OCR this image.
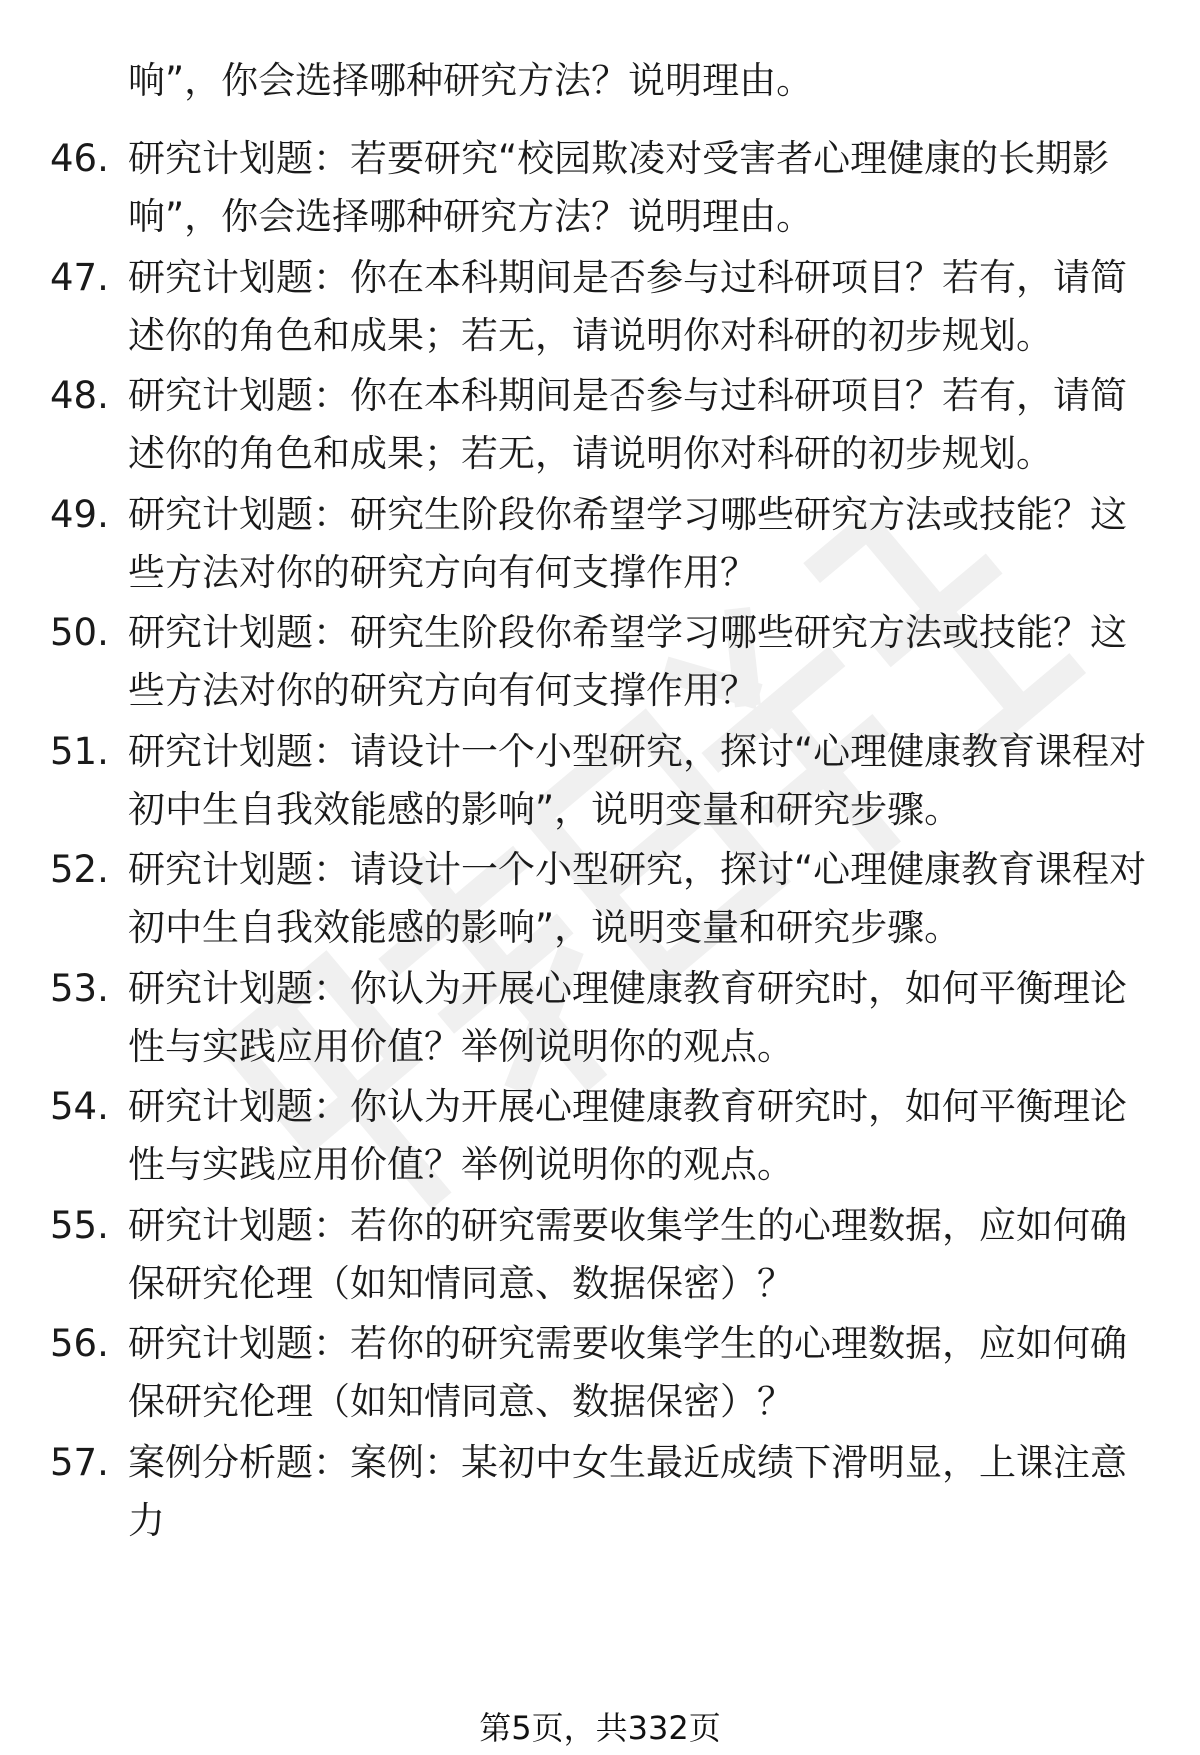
响”，你会选择哪种研究方法？说明理由。

46. 研究计划题：若要研究“校园欺凌对受害者心理健康的长期影响”，你会选择哪种研究方法？说明理由。

47. 研究计划题：你在本科期间是否参与过科研项目？若有，请简述你的角色和成果；若无，请说明你对科研的初步规划。

48. 研究计划题：你在本科期间是否参与过科研项目？若有，请简述你的角色和成果；若无，请说明你对科研的初步规划。

49. 研究计划题：研究生阶段你希望学习哪些研究方法或技能？这些方法对你的研究方向有何支撑作用？

50. 研究计划题：研究生阶段你希望学习哪些研究方法或技能？这些方法对你的研究方向有何支撑作用？

51. 研究计划题：请设计一个小型研究，探讨“心理健康教育课程对初中生自我效能感的影响”，说明变量和研究步骤。

52. 研究计划题：请设计一个小型研究，探讨“心理健康教育课程对初中生自我效能感的影响”，说明变量和研究步骤。

53. 研究计划题：你认为开展心理健康教育研究时，如何平衡理论性与实践应用价值？举例说明你的观点。

54. 研究计划题：你认为开展心理健康教育研究时，如何平衡理论性与实践应用价值？举例说明你的观点。

55. 研究计划题：若你的研究需要收集学生的心理数据，应如何确保研究伦理（如知情同意、数据保密）？

56. 研究计划题：若你的研究需要收集学生的心理数据，应如何确保研究伦理（如知情同意、数据保密）？

57. 案例分析题：案例：某初中女生最近成绩下滑明显，上课注意力

第5页，共332页
